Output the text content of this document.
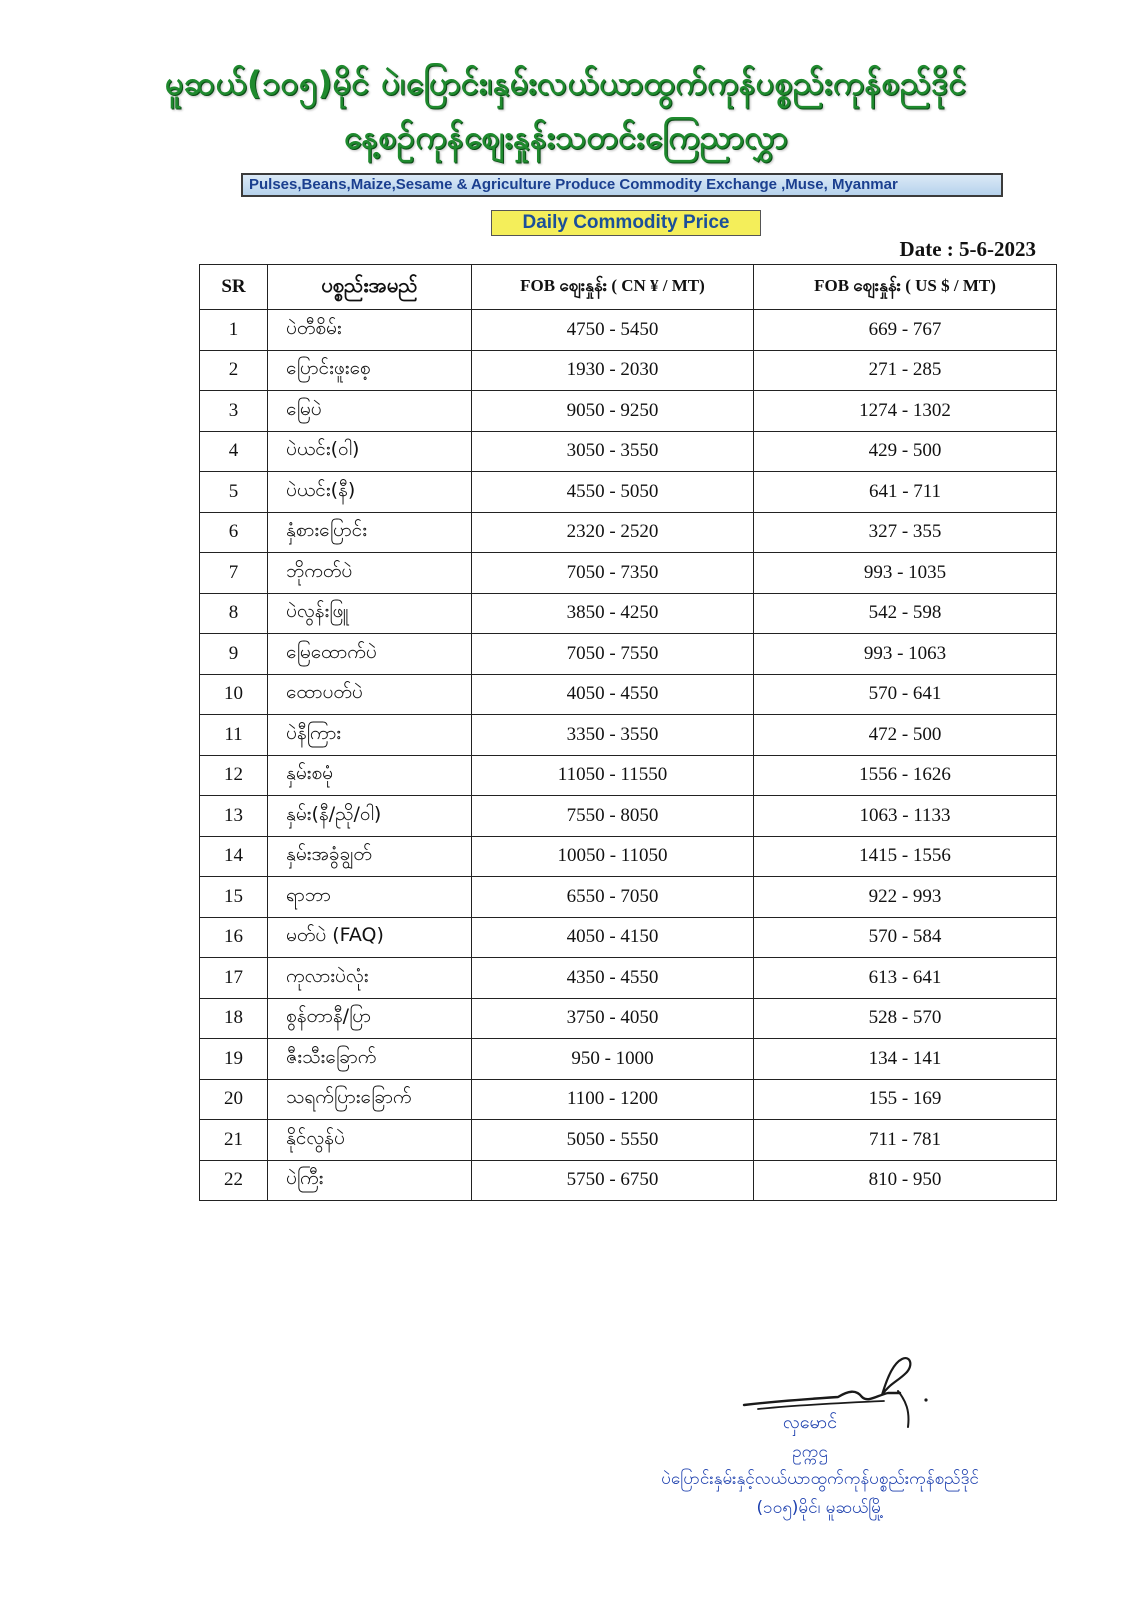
မူဆယ်(၁၀၅)မိုင် ပဲ၊ပြောင်း၊နှမ်းလယ်ယာထွက်ကုန်ပစ္စည်းကုန်စည်ဒိုင်
နေ့စဉ်ကုန်စျေးနှုန်းသတင်းကြေညာလွှာ
Pulses,Beans,Maize,Sesame & Agriculture Produce Commodity Exchange ,Muse, Myanmar
Daily Commodity Price
Date : 5-6-2023
SR	ပစ္စည်းအမည်	FOB စျေးနှုန်း ( CN ¥ / MT)	FOB စျေးနှုန်း ( US $ / MT)
1	ပဲတီစိမ်း	4750 - 5450	669 - 767
2	ပြောင်းဖူးစေ့	1930 - 2030	271 - 285
3	မြေပဲ	9050 - 9250	1274 - 1302
4	ပဲယင်း(ဝါ)	3050 - 3550	429 - 500
5	ပဲယင်း(နီ)	4550 - 5050	641 - 711
6	နှံစားပြောင်း	2320 - 2520	327 - 355
7	ဘိုကတ်ပဲ	7050 - 7350	993 - 1035
8	ပဲလွန်းဖြူ	3850 - 4250	542 - 598
9	မြေထောက်ပဲ	7050 - 7550	993 - 1063
10	ထောပတ်ပဲ	4050 - 4550	570 - 641
11	ပဲနီကြား	3350 - 3550	472 - 500
12	နှမ်းစမုံ	11050 - 11550	1556 - 1626
13	နှမ်း(နီ/ညို/ဝါ)	7550 - 8050	1063 - 1133
14	နှမ်းအခွံချွတ်	10050 - 11050	1415 - 1556
15	ရာဘာ	6550 - 7050	922 - 993
16	မတ်ပဲ (FAQ)	4050 - 4150	570 - 584
17	ကုလားပဲလုံး	4350 - 4550	613 - 641
18	စွန်တာနီ/ပြာ	3750 - 4050	528 - 570
19	ဇီးသီးခြောက်	950 - 1000	134 - 141
20	သရက်ပြားခြောက်	1100 - 1200	155 - 169
21	နိုင်လွန်ပဲ	5050 - 5550	711 - 781
22	ပဲကြီး	5750 - 6750	810 - 950
လှမောင်
ဥက္ကဌ
ပဲပြောင်းနှမ်းနှင့်လယ်ယာထွက်ကုန်ပစ္စည်းကုန်စည်ဒိုင်
(၁၀၅)မိုင်၊ မူဆယ်မြို့
